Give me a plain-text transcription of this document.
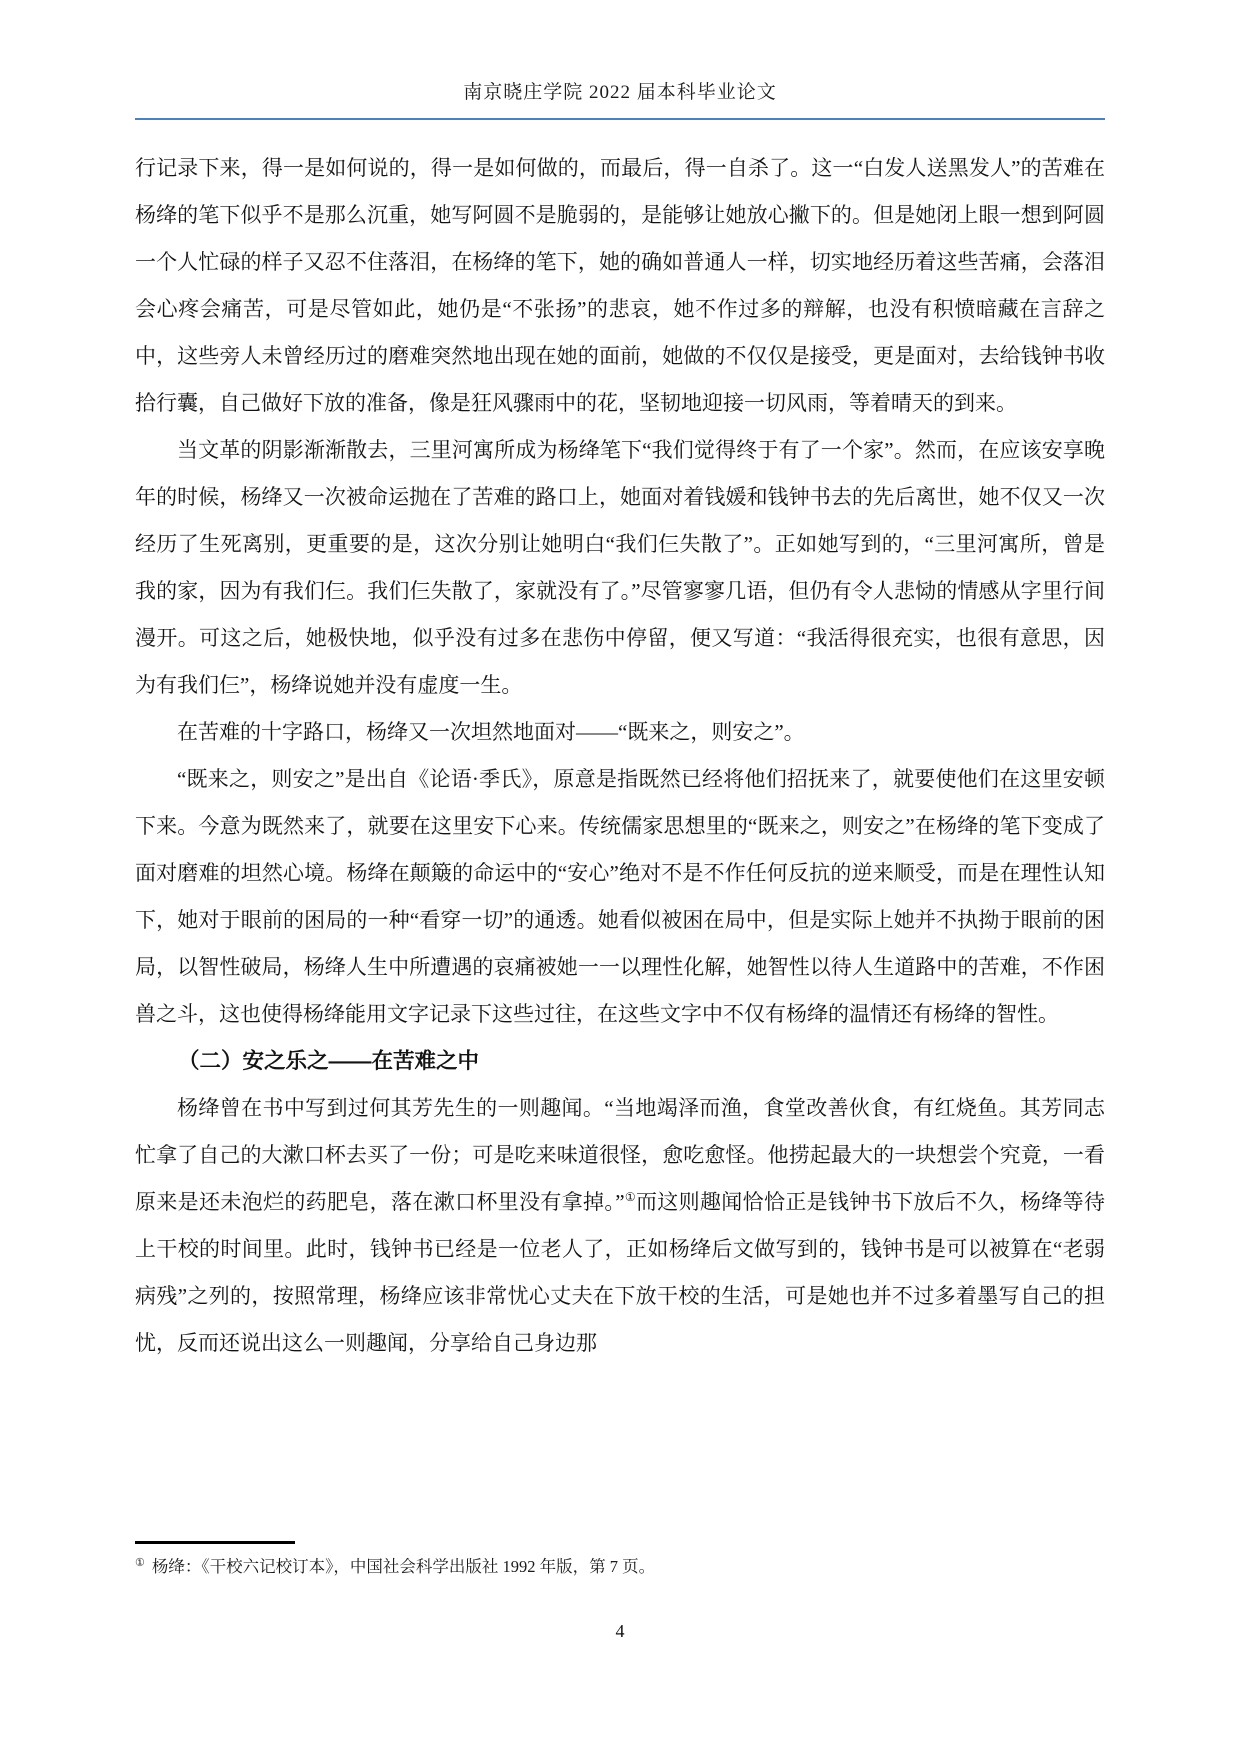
南京晓庄学院 2022 届本科毕业论文

行记录下来，得一是如何说的，得一是如何做的，而最后，得一自杀了。这一“白发人送黑发人”的苦难在杨绛的笔下似乎不是那么沉重，她写阿圆不是脆弱的，是能够让她放心撇下的。但是她闭上眼一想到阿圆一个人忙碌的样子又忍不住落泪，在杨绛的笔下，她的确如普通人一样，切实地经历着这些苦痛，会落泪会心疼会痛苦，可是尽管如此，她仍是“不张扬”的悲哀，她不作过多的辩解，也没有积愤暗藏在言辞之中，这些旁人未曾经历过的磨难突然地出现在她的面前，她做的不仅仅是接受，更是面对，去给钱钟书收拾行囊，自己做好下放的准备，像是狂风骤雨中的花，坚韧地迎接一切风雨，等着晴天的到来。

当文革的阴影渐渐散去，三里河寓所成为杨绛笔下“我们觉得终于有了一个家”。然而，在应该安享晚年的时候，杨绛又一次被命运抛在了苦难的路口上，她面对着钱媛和钱钟书去的先后离世，她不仅又一次经历了生死离别，更重要的是，这次分别让她明白“我们仨失散了”。正如她写到的，“三里河寓所，曾是我的家，因为有我们仨。我们仨失散了，家就没有了。”尽管寥寥几语，但仍有令人悲恸的情感从字里行间漫开。可这之后，她极快地，似乎没有过多在悲伤中停留，便又写道：“我活得很充实，也很有意思，因为有我们仨”，杨绛说她并没有虚度一生。

在苦难的十字路口，杨绛又一次坦然地面对——“既来之，则安之”。

“既来之，则安之”是出自《论语·季氏》，原意是指既然已经将他们招抚来了，就要使他们在这里安顿下来。今意为既然来了，就要在这里安下心来。传统儒家思想里的“既来之，则安之”在杨绛的笔下变成了面对磨难的坦然心境。杨绛在颠簸的命运中的“安心”绝对不是不作任何反抗的逆来顺受，而是在理性认知下，她对于眼前的困局的一种“看穿一切”的通透。她看似被困在局中，但是实际上她并不执拗于眼前的困局，以智性破局，杨绛人生中所遭遇的哀痛被她一一以理性化解，她智性以待人生道路中的苦难，不作困兽之斗，这也使得杨绛能用文字记录下这些过往，在这些文字中不仅有杨绛的温情还有杨绛的智性。

（二）安之乐之——在苦难之中

杨绛曾在书中写到过何其芳先生的一则趣闻。“当地竭泽而渔，食堂改善伙食，有红烧鱼。其芳同志忙拿了自己的大漱口杯去买了一份；可是吃来味道很怪，愈吃愈怪。他捞起最大的一块想尝个究竟，一看原来是还未泡烂的药肥皂，落在漱口杯里没有拿掉。”①而这则趣闻恰恰正是钱钟书下放后不久，杨绛等待上干校的时间里。此时，钱钟书已经是一位老人了，正如杨绛后文做写到的，钱钟书是可以被算在“老弱病残”之列的，按照常理，杨绛应该非常忧心丈夫在下放干校的生活，可是她也并不过多着墨写自己的担忧，反而还说出这么一则趣闻，分享给自己身边那

① 杨绛：《干校六记校订本》，中国社会科学出版社 1992 年版，第 7 页。
4
